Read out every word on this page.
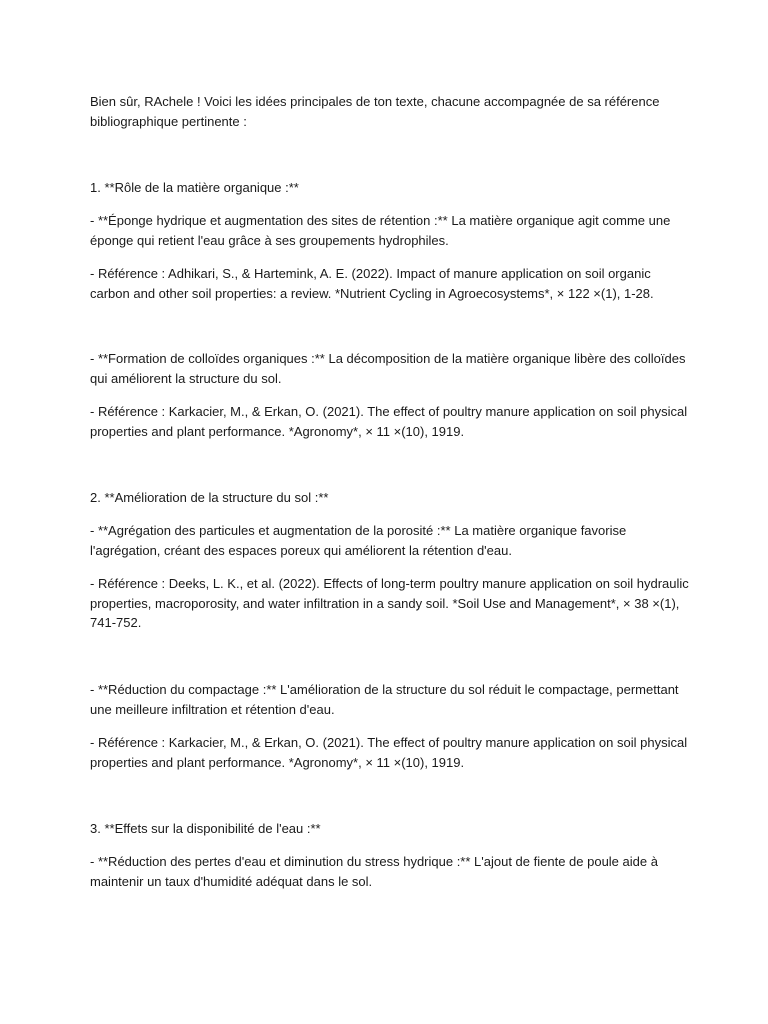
Bien sûr, RAchele ! Voici les idées principales de ton texte, chacune accompagnée de sa référence bibliographique pertinente :

1. **Rôle de la matière organique :**

- **Éponge hydrique et augmentation des sites de rétention :** La matière organique agit comme une éponge qui retient l'eau grâce à ses groupements hydrophiles.

- Référence : Adhikari, S., & Hartemink, A. E. (2022). Impact of manure application on soil organic carbon and other soil properties: a review. *Nutrient Cycling in Agroecosystems*, × 122 ×(1), 1-28.

- **Formation de colloïdes organiques :** La décomposition de la matière organique libère des colloïdes qui améliorent la structure du sol.

- Référence : Karkacier, M., & Erkan, O. (2021). The effect of poultry manure application on soil physical properties and plant performance. *Agronomy*, × 11 ×(10), 1919.

2. **Amélioration de la structure du sol :**

- **Agrégation des particules et augmentation de la porosité :** La matière organique favorise l'agrégation, créant des espaces poreux qui améliorent la rétention d'eau.

- Référence : Deeks, L. K., et al. (2022). Effects of long-term poultry manure application on soil hydraulic properties, macroporosity, and water infiltration in a sandy soil. *Soil Use and Management*, × 38 ×(1), 741-752.

- **Réduction du compactage :** L'amélioration de la structure du sol réduit le compactage, permettant une meilleure infiltration et rétention d'eau.

- Référence : Karkacier, M., & Erkan, O. (2021). The effect of poultry manure application on soil physical properties and plant performance. *Agronomy*, × 11 ×(10), 1919.

3. **Effets sur la disponibilité de l'eau :**

- **Réduction des pertes d'eau et diminution du stress hydrique :** L'ajout de fiente de poule aide à maintenir un taux d'humidité adéquat dans le sol.
